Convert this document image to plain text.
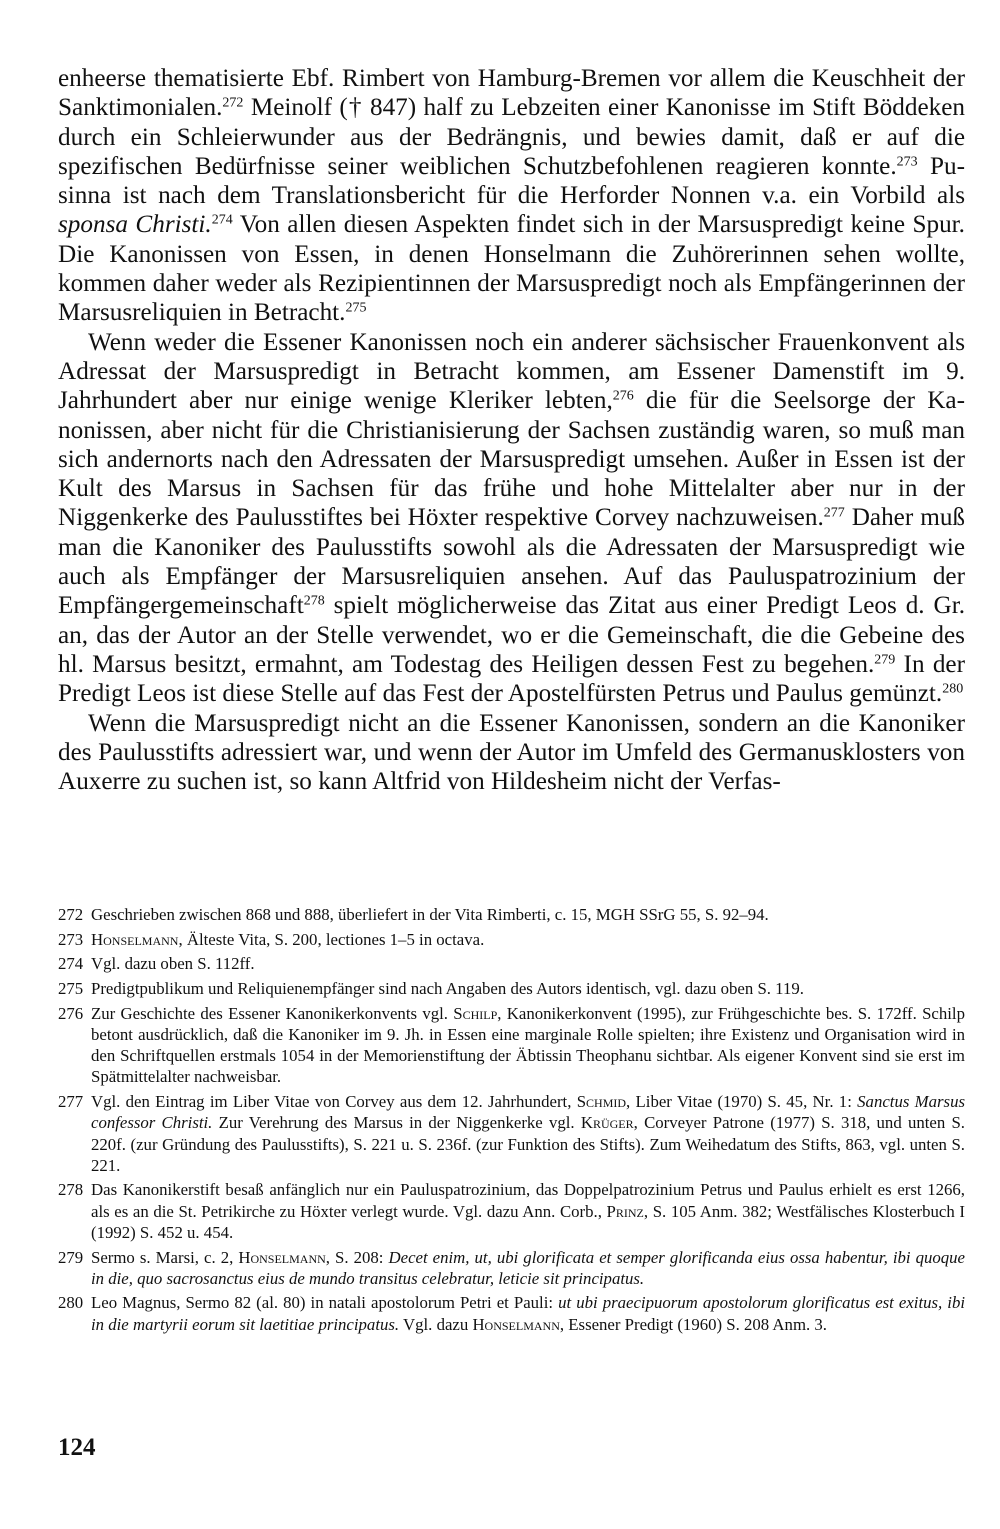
enheerse thematisierte Ebf. Rimbert von Hamburg-Bremen vor allem die Keuschheit der Sanktimonialen.$^{272}$ Meinolf († 847) half zu Lebzeiten einer Kanonisse im Stift Böddeken durch ein Schleierwunder aus der Bedrängnis, und bewies damit, daß er auf die spezifischen Bedürfnisse seiner weiblichen Schutzbefohlenen reagieren konnte.$^{273}$ Pusinna ist nach dem Translationsbericht für die Herforder Nonnen v.a. ein Vorbild als sponsa Christi.$^{274}$ Von allen diesen Aspekten findet sich in der Marsuspredigt keine Spur. Die Kanonissen von Essen, in denen Honselmann die Zuhörerinnen sehen wollte, kommen daher weder als Rezipientinnen der Marsuspredigt noch als Empfängerinnen der Marsusreliquien in Betracht.$^{275}$

Wenn weder die Essener Kanonissen noch ein anderer sächsischer Frauenkonvent als Adressat der Marsuspredigt in Betracht kommen, am Essener Damenstift im 9. Jahrhundert aber nur einige wenige Kleriker lebten,$^{276}$ die für die Seelsorge der Kanonissen, aber nicht für die Christianisierung der Sachsen zuständig waren, so muß man sich andernorts nach den Adressaten der Marsuspredigt umsehen. Außer in Essen ist der Kult des Marsus in Sachsen für das frühe und hohe Mittelalter aber nur in der Niggenkerke des Paulusstiftes bei Höxter respektive Corvey nachzuweisen.$^{277}$ Daher muß man die Kanoniker des Paulusstifts sowohl als die Adressaten der Marsuspredigt wie auch als Empfänger der Marsusreliquien ansehen. Auf das Pauluspatrozinium der Empfängergemeinschaft$^{278}$ spielt möglicherweise das Zitat aus einer Predigt Leos d. Gr. an, das der Autor an der Stelle verwendet, wo er die Gemeinschaft, die die Gebeine des hl. Marsus besitzt, ermahnt, am Todestag des Heiligen dessen Fest zu begehen.$^{279}$ In der Predigt Leos ist diese Stelle auf das Fest der Apostelfürsten Petrus und Paulus gemünzt.$^{280}$

Wenn die Marsuspredigt nicht an die Essener Kanonissen, sondern an die Kanoniker des Paulusstifts adressiert war, und wenn der Autor im Umfeld des Germanusklosters von Auxerre zu suchen ist, so kann Altfrid von Hildesheim nicht der Verfas-

272 Geschrieben zwischen 868 und 888, überliefert in der Vita Rimberti, c. 15, MGH SSrG 55, S. 92–94.

273 Honselmann, Älteste Vita, S. 200, lectiones 1–5 in octava.

274 Vgl. dazu oben S. 112ff.

275 Predigtpublikum und Reliquienempfänger sind nach Angaben des Autors identisch, vgl. dazu oben S. 119.

276 Zur Geschichte des Essener Kanonikerkonvents vgl. Schilp, Kanonikerkonvent (1995), zur Frühgeschichte bes. S. 172ff. Schilp betont ausdrücklich, daß die Kanoniker im 9. Jh. in Essen eine marginale Rolle spielten; ihre Existenz und Organisation wird in den Schriftquellen erstmals 1054 in der Memorienstiftung der Äbtissin Theophanu sichtbar. Als eigener Konvent sind sie erst im Spätmittelalter nachweisbar.

277 Vgl. den Eintrag im Liber Vitae von Corvey aus dem 12. Jahrhundert, Schmid, Liber Vitae (1970) S. 45, Nr. 1: Sanctus Marsus confessor Christi. Zur Verehrung des Marsus in der Niggenkerke vgl. Krüger, Corveyer Patrone (1977) S. 318, und unten S. 220f. (zur Gründung des Paulusstifts), S. 221 u. S. 236f. (zur Funktion des Stifts). Zum Weihedatum des Stifts, 863, vgl. unten S. 221.

278 Das Kanonikerstift besaß anfänglich nur ein Pauluspatrozinium, das Doppelpatrozinium Petrus und Paulus erhielt es erst 1266, als es an die St. Petrikirche zu Höxter verlegt wurde. Vgl. dazu Ann. Corb., Prinz, S. 105 Anm. 382; Westfälisches Klosterbuch I (1992) S. 452 u. 454.

279 Sermo s. Marsi, c. 2, Honselmann, S. 208: Decet enim, ut, ubi glorificata et semper glorificanda eius ossa habentur, ibi quoque in die, quo sacrosanctus eius de mundo transitus celebratur, leticie sit principatus.

280 Leo Magnus, Sermo 82 (al. 80) in natali apostolorum Petri et Pauli: ut ubi praecipuorum apostolorum glorificatus est exitus, ibi in die martyrii eorum sit laetitiae principatus. Vgl. dazu Honselmann, Essener Predigt (1960) S. 208 Anm. 3.

124
